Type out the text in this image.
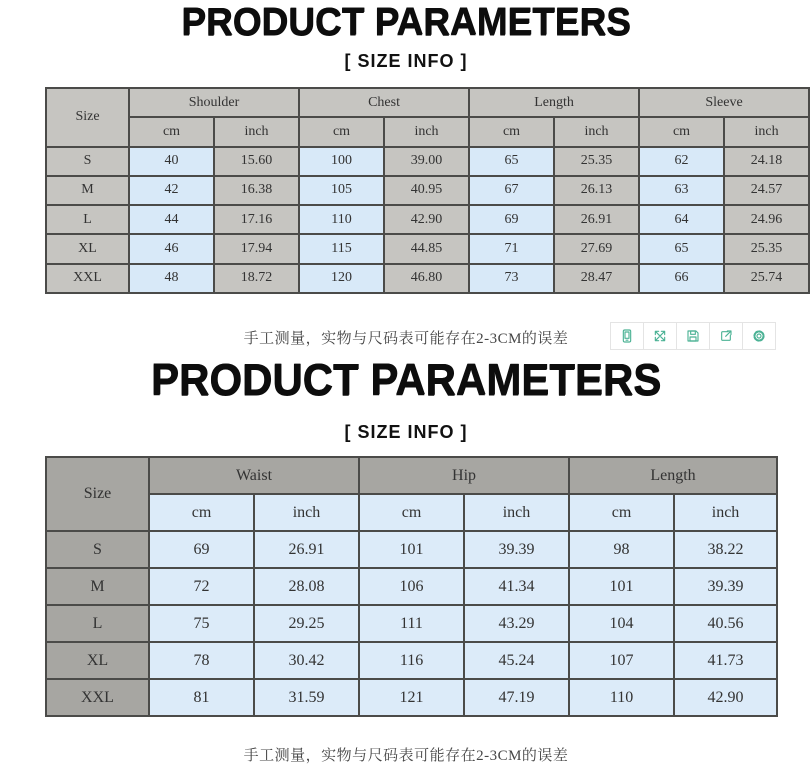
PRODUCT PARAMETERS
[ SIZE INFO ]
Size	Shoulder		Chest		Length		Sleeve	
	cm	inch	cm	inch	cm	inch	cm	inch
S	40	15.60	100	39.00	65	25.35	62	24.18
M	42	16.38	105	40.95	67	26.13	63	24.57
L	44	17.16	110	42.90	69	26.91	64	24.96
XL	46	17.94	115	44.85	71	27.69	65	25.35
XXL	48	18.72	120	46.80	73	28.47	66	25.74
手工测量，实物与尺码表可能存在2-3CM的误差
PRODUCT PARAMETERS
[ SIZE INFO ]
Size	Waist		Hip		Length	
	cm	inch	cm	inch	cm	inch
S	69	26.91	101	39.39	98	38.22
M	72	28.08	106	41.34	101	39.39
L	75	29.25	111	43.29	104	40.56
XL	78	30.42	116	45.24	107	41.73
XXL	81	31.59	121	47.19	110	42.90
手工测量，实物与尺码表可能存在2-3CM的误差
